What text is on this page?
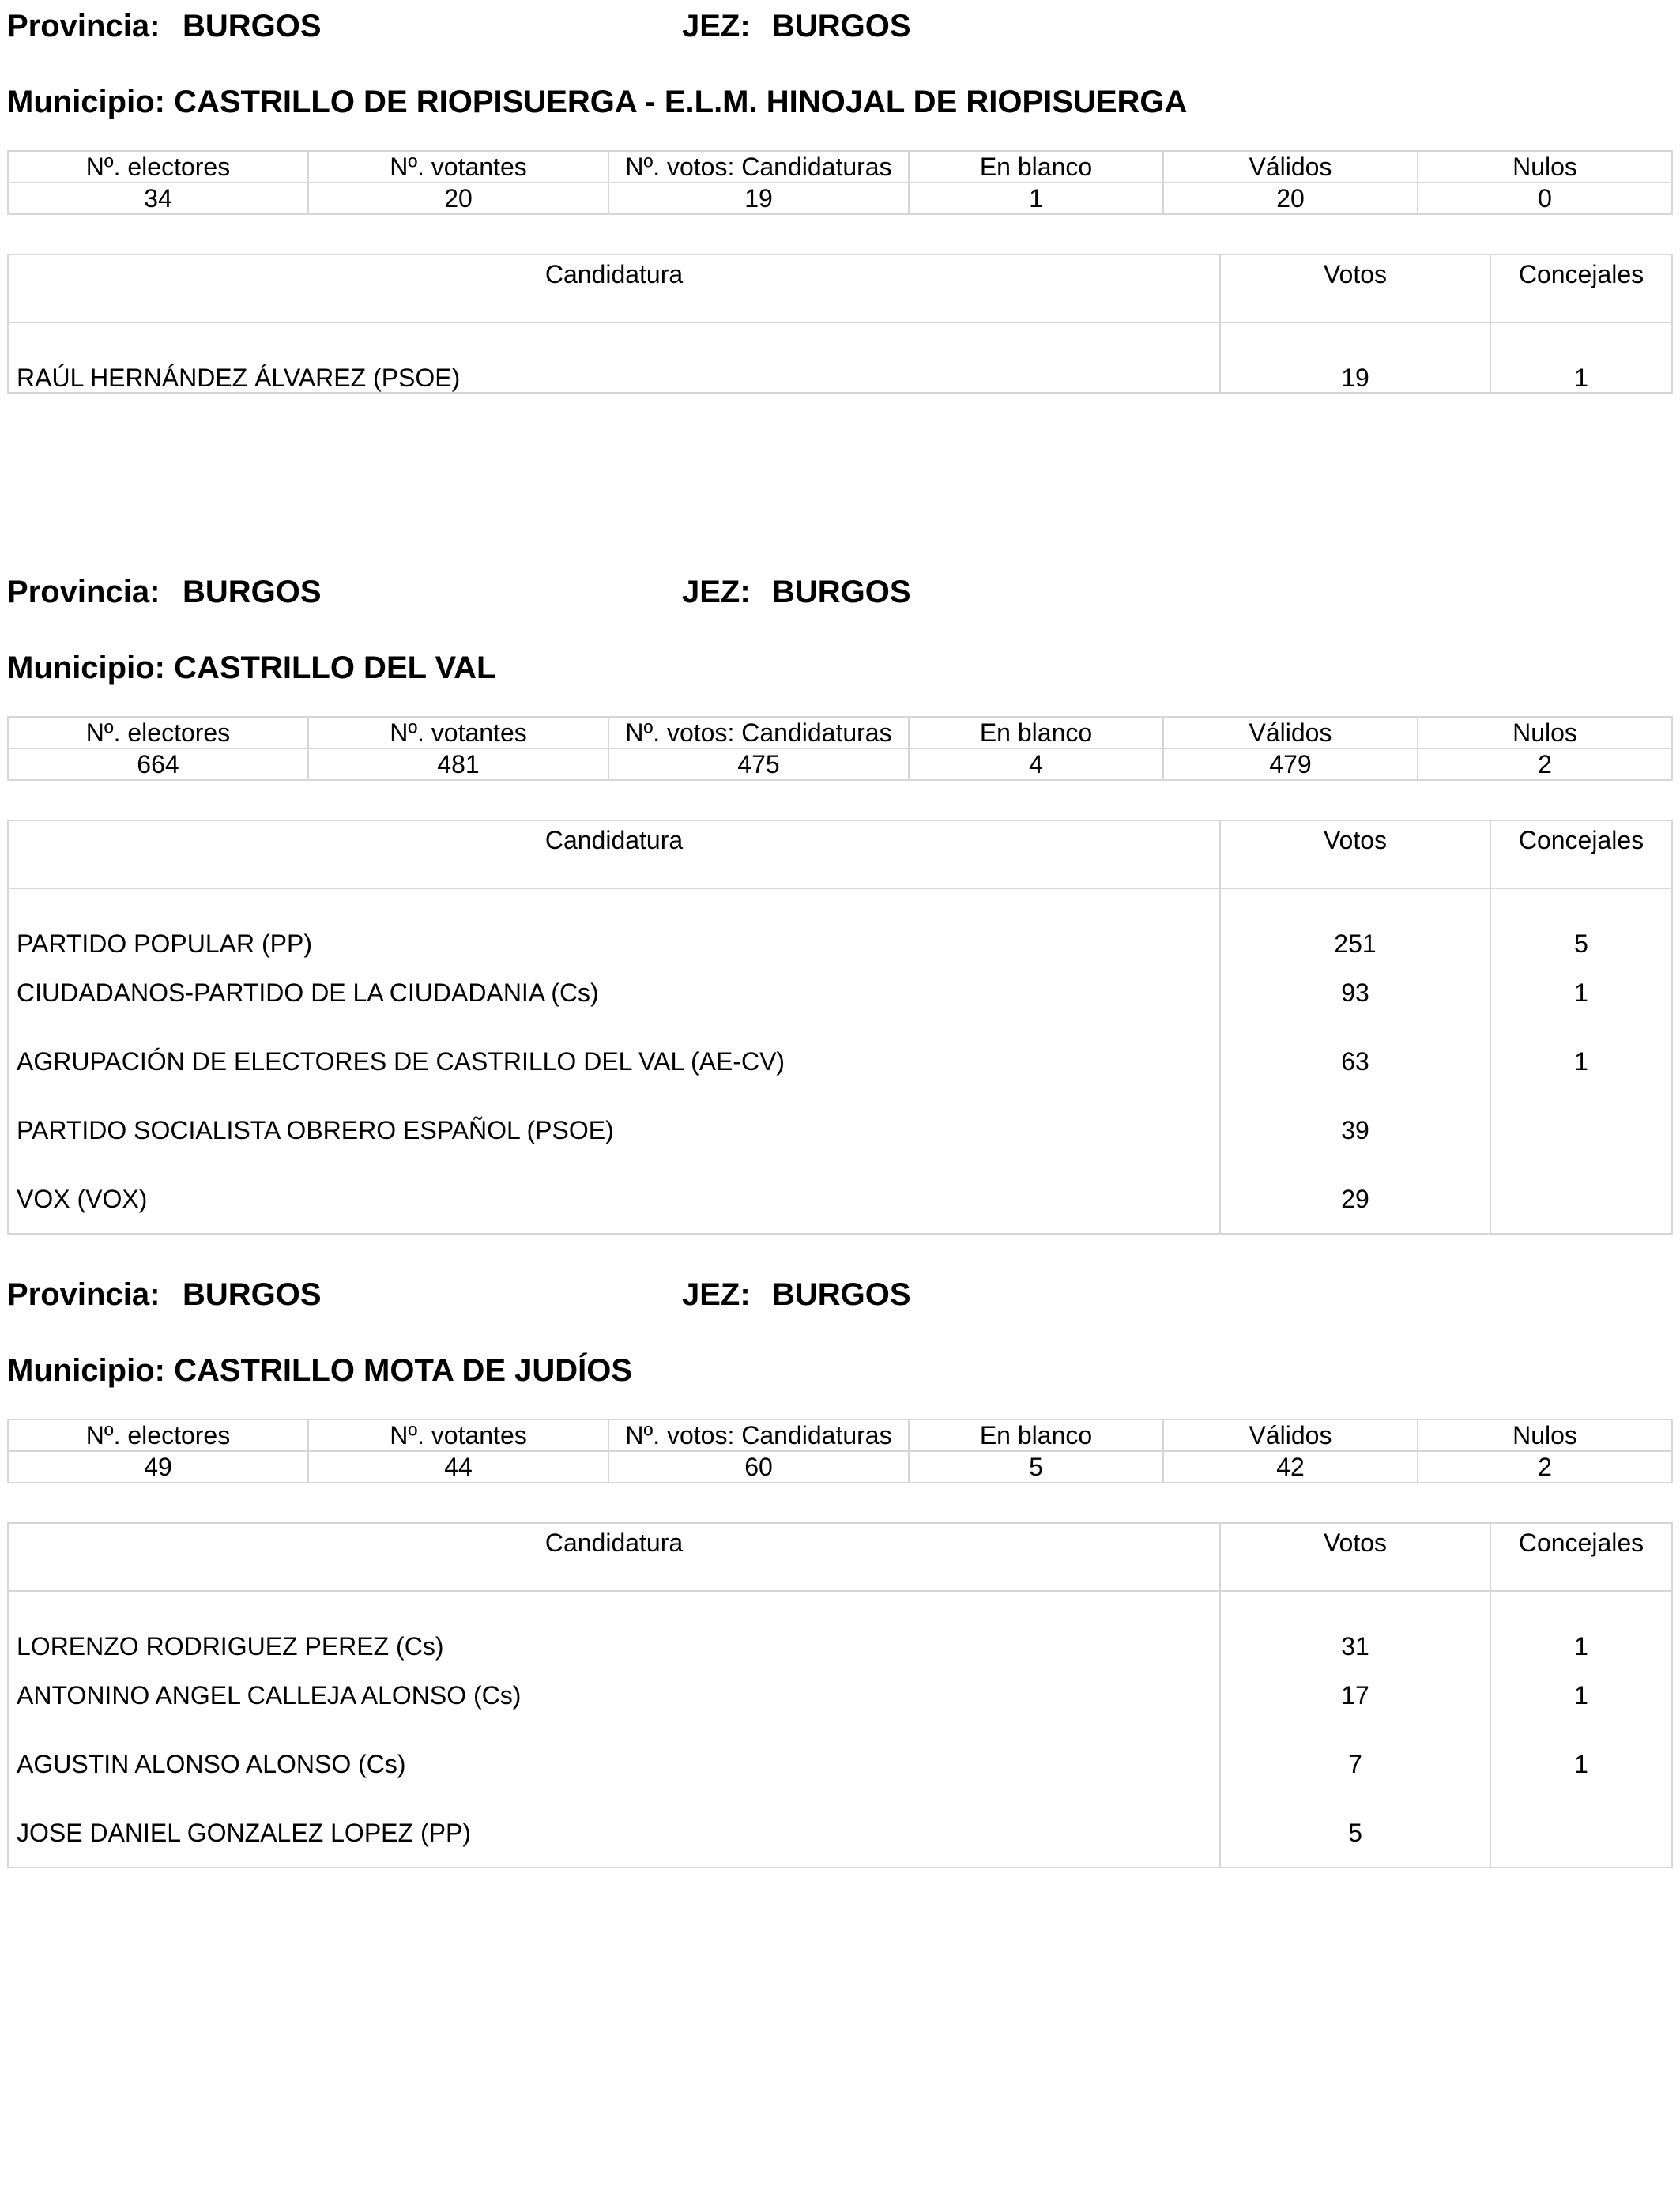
Provincia: BURGOS	JEZ: BURGOS
Municipio: CASTRILLO DE RIOPISUERGA - E.L.M. HINOJAL DE RIOPISUERGA
Nº. electores	Nº. votantes	Nº. votos: Candidaturas	En blanco	Válidos	Nulos
34	20	19	1	20	0
Candidatura	Votos	Concejales
RAÚL HERNÁNDEZ ÁLVAREZ (PSOE)	19	1
Provincia: BURGOS	JEZ: BURGOS
Municipio: CASTRILLO DEL VAL
Nº. electores	Nº. votantes	Nº. votos: Candidaturas	En blanco	Válidos	Nulos
664	481	475	4	479	2
Candidatura	Votos	Concejales
PARTIDO POPULAR (PP)	251	5
CIUDADANOS-PARTIDO DE LA CIUDADANIA (Cs)	93	1
AGRUPACIÓN DE ELECTORES DE CASTRILLO DEL VAL (AE-CV)	63	1
PARTIDO SOCIALISTA OBRERO ESPAÑOL (PSOE)	39	
VOX (VOX)	29	
Provincia: BURGOS	JEZ: BURGOS
Municipio: CASTRILLO MOTA DE JUDÍOS
Nº. electores	Nº. votantes	Nº. votos: Candidaturas	En blanco	Válidos	Nulos
49	44	60	5	42	2
Candidatura	Votos	Concejales
LORENZO RODRIGUEZ PEREZ (Cs)	31	1
ANTONINO ANGEL CALLEJA ALONSO (Cs)	17	1
AGUSTIN ALONSO ALONSO (Cs)	7	1
JOSE DANIEL GONZALEZ LOPEZ (PP)	5	
